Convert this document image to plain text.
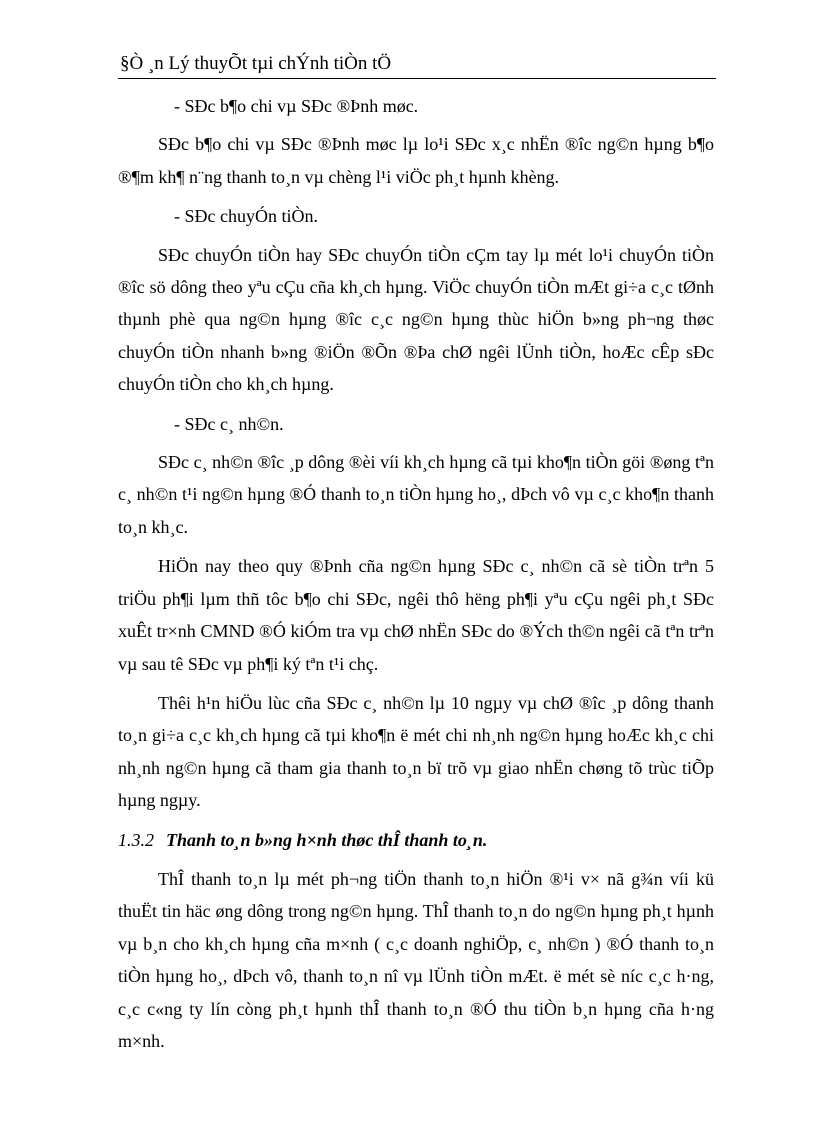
§Ò ¸n Lý thuyÕt tµi chÝnh tiÒn tÖ
- SÐc b¶o chi vµ SÐc ®Þnh møc.

SÐc b¶o chi vµ SÐc ®Þnh møc lµ lo¹i SÐc x¸c nhËn ®îc ng©n hµng b¶o ®¶m kh¶ n¨ng thanh to¸n vµ chèng l¹i viÖc ph¸t hµnh khèng.

- SÐc chuyÓn tiÒn.

SÐc chuyÓn tiÒn hay SÐc chuyÓn tiÒn cÇm tay lµ mét lo¹i chuyÓn tiÒn ®îc sö dông theo yªu cÇu cña kh¸ch hµng. ViÖc chuyÓn tiÒn mÆt gi÷a c¸c tØnh thµnh phè qua ng©n hµng ®îc c¸c ng©n hµng thùc hiÖn b»ng ph¬ng thøc chuyÓn tiÒn nhanh b»ng ®iÖn ®Õn ®Þa chØ ngêi lÜnh tiÒn, hoÆc cÊp sÐc chuyÓn tiÒn cho kh¸ch hµng.

- SÐc c¸ nh©n.

SÐc c¸ nh©n ®îc ¸p dông ®èi víi kh¸ch hµng cã tµi kho¶n tiÒn göi ®øng tªn c¸ nh©n t¹i ng©n hµng ®Ó thanh to¸n tiÒn hµng ho¸, dÞch vô vµ c¸c kho¶n thanh to¸n kh¸c.

HiÖn nay theo quy ®Þnh cña ng©n hµng SÐc c¸ nh©n cã sè tiÒn trªn 5 triÖu ph¶i lµm thñ tôc b¶o chi SÐc, ngêi thô hëng ph¶i yªu cÇu ngêi ph¸t SÐc xuÊt tr×nh CMND ®Ó kiÓm tra vµ chØ nhËn SÐc do ®Ých th©n ngêi cã tªn trªn vµ sau tê SÐc vµ ph¶i ký tªn t¹i chç.

Thêi h¹n hiÖu lùc cña SÐc c¸ nh©n lµ 10 ngµy vµ chØ ®îc ¸p dông thanh to¸n gi÷a c¸c kh¸ch hµng cã tµi kho¶n ë mét chi nh¸nh ng©n hµng hoÆc kh¸c chi nh¸nh ng©n hµng cã tham gia thanh to¸n bï trõ vµ giao nhËn chøng tõ trùc tiÕp hµng ngµy.

1.3.2 Thanh to¸n b»ng h×nh thøc thÎ thanh to¸n.

ThÎ thanh to¸n lµ mét ph¬ng tiÖn thanh to¸n hiÖn ®¹i v× nã g¾n víi kü thuËt tin häc øng dông trong ng©n hµng. ThÎ thanh to¸n do ng©n hµng ph¸t hµnh vµ b¸n cho kh¸ch hµng cña m×nh ( c¸c doanh nghiÖp, c¸ nh©n ) ®Ó thanh to¸n tiÒn hµng ho¸, dÞch vô, thanh to¸n nî vµ lÜnh tiÒn mÆt. ë mét sè níc c¸c h·ng, c¸c c«ng ty lín còng ph¸t hµnh thÎ thanh to¸n ®Ó thu tiÒn b¸n hµng cña h·ng m×nh.
